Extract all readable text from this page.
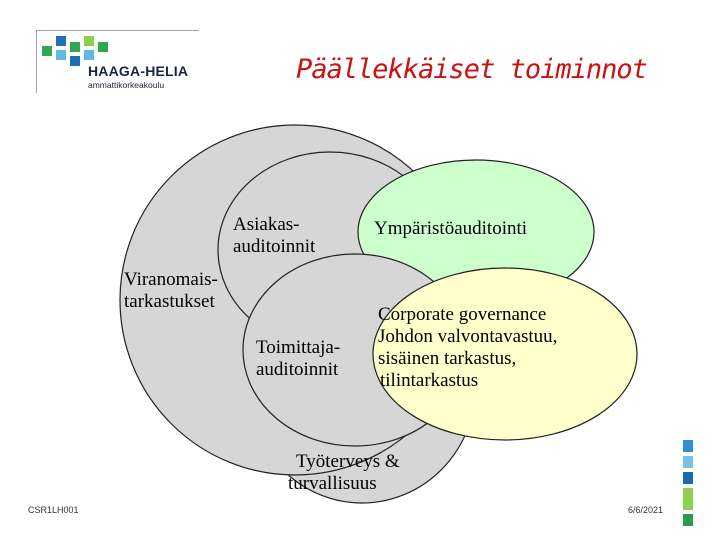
HAAGA-HELIA
ammattikorkeakoulu	Päällekkäiset toiminnot
Asiakas-
auditoinnit
Ympäristöauditointi
Viranomais-
tarkastukset
Toimittaja-
auditoinnit
Corporate governance
Johdon valvontavastuu,
sisäinen tarkastus,
tilintarkastus
Työterveys &
turvallisuus
CSR1LH001	6/6/2021
